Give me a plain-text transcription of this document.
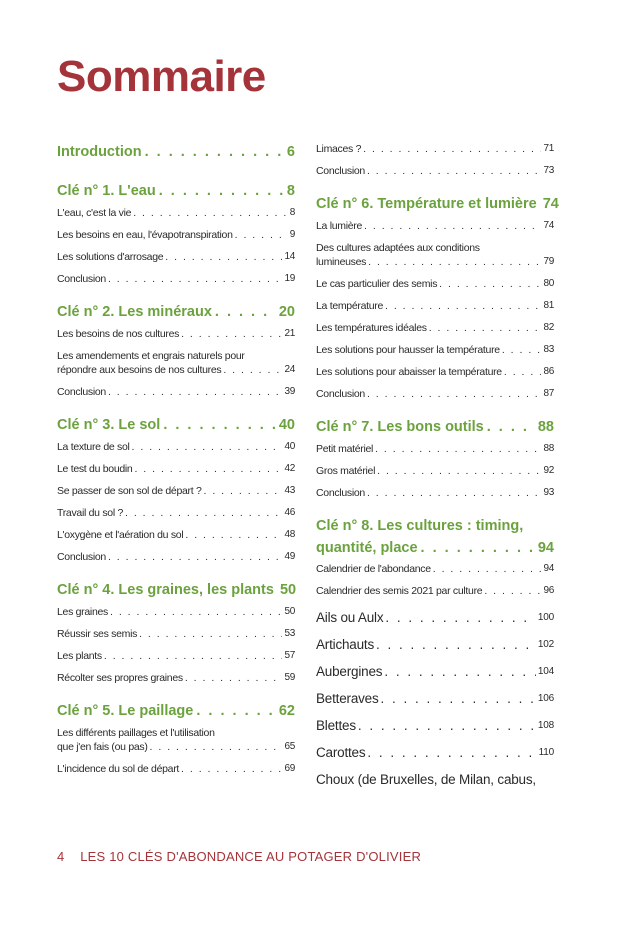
Sommaire
Introduction . . .	6
Clé n° 1. L'eau . . .	8
L'eau, c'est la vie . . .	8
Les besoins en eau, l'évapotranspiration . . .	9
Les solutions d'arrosage . . .	14
Conclusion . . .	19
Clé n° 2. Les minéraux . . .	20
Les besoins de nos cultures . . .	21
Les amendements et engrais naturels pour
répondre aux besoins de nos cultures . . .	24
Conclusion . . .	39
Clé n° 3. Le sol . . .	40
La texture de sol . . .	40
Le test du boudin . . .	42
Se passer de son sol de départ ? . . .	43
Travail du sol ? . . .	46
L'oxygène et l'aération du sol . . .	48
Conclusion . . .	49
Clé n° 4. Les graines, les plants 50
Les graines . . .	50
Réussir ses semis . . .	53
Les plants . . .	57
Récolter ses propres graines . . .	59
Clé n° 5. Le paillage . . .	62
Les différents paillages et l'utilisation
que j'en fais (ou pas) . . .	65
L'incidence du sol de départ . . .	69
Limaces ? . . .	71
Conclusion . . .	73
Clé n° 6. Température et lumière 74
La lumière . . .	74
Des cultures adaptées aux conditions
lumineuses . . .	79
Le cas particulier des semis . . .	80
La température . . .	81
Les températures idéales . . .	82
Les solutions pour hausser la température . . .	83
Les solutions pour abaisser la température . . .	86
Conclusion . . .	87
Clé n° 7. Les bons outils . . .	88
Petit matériel . . .	88
Gros matériel . . .	92
Conclusion . . .	93
Clé n° 8. Les cultures : timing,
quantité, place . . .	94
Calendrier de l'abondance . . .	94
Calendrier des semis 2021 par culture . . .	96
Ails ou Aulx . . .	100
Artichauts . . .	102
Aubergines . . .	104
Betteraves . . .	106
Blettes . . .	108
Carottes . . .	110
Choux (de Bruxelles, de Milan, cabus,
4 LES 10 CLÉS D'ABONDANCE AU POTAGER D'OLIVIER
